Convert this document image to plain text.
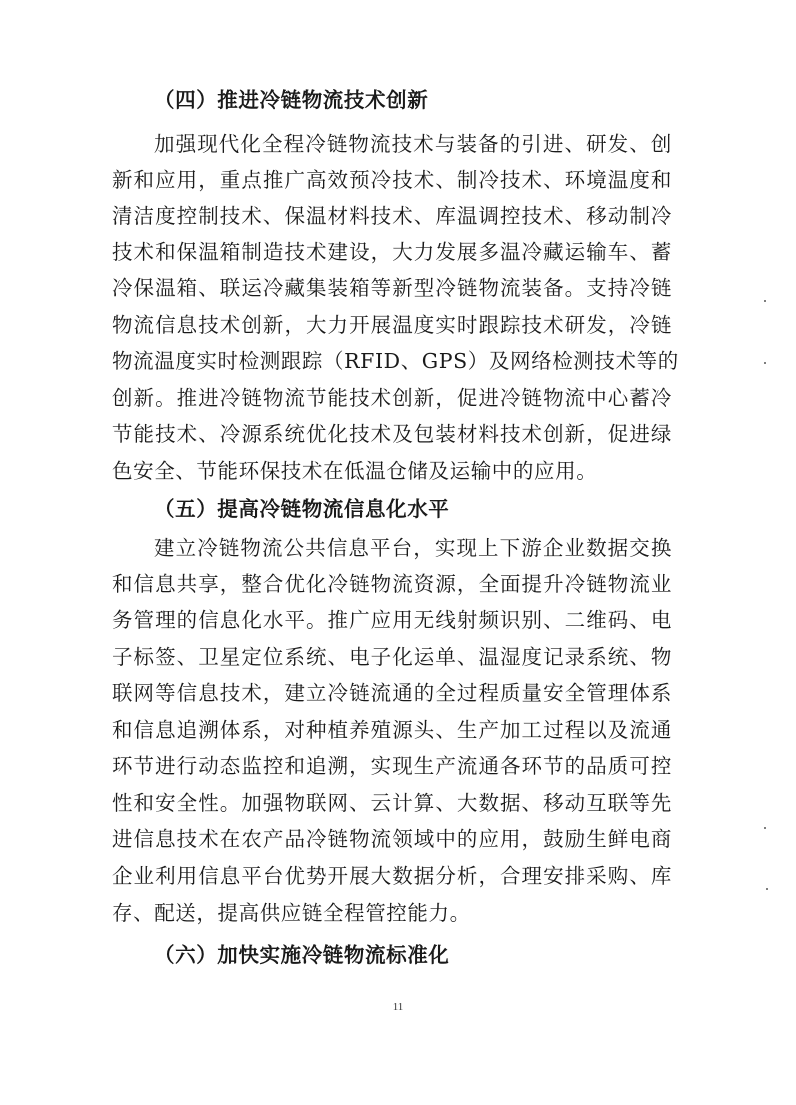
（四）推进冷链物流技术创新
加强现代化全程冷链物流技术与装备的引进、研发、创
新和应用，重点推广高效预冷技术、制冷技术、环境温度和
清洁度控制技术、保温材料技术、库温调控技术、移动制冷
技术和保温箱制造技术建设，大力发展多温冷藏运输车、蓄
冷保温箱、联运冷藏集装箱等新型冷链物流装备。支持冷链
物流信息技术创新，大力开展温度实时跟踪技术研发，冷链
物流温度实时检测跟踪（RFID、GPS）及网络检测技术等的
创新。推进冷链物流节能技术创新，促进冷链物流中心蓄冷
节能技术、冷源系统优化技术及包装材料技术创新，促进绿
色安全、节能环保技术在低温仓储及运输中的应用。
（五）提高冷链物流信息化水平
建立冷链物流公共信息平台，实现上下游企业数据交换
和信息共享，整合优化冷链物流资源，全面提升冷链物流业
务管理的信息化水平。推广应用无线射频识别、二维码、电
子标签、卫星定位系统、电子化运单、温湿度记录系统、物
联网等信息技术，建立冷链流通的全过程质量安全管理体系
和信息追溯体系，对种植养殖源头、生产加工过程以及流通
环节进行动态监控和追溯，实现生产流通各环节的品质可控
性和安全性。加强物联网、云计算、大数据、移动互联等先
进信息技术在农产品冷链物流领域中的应用，鼓励生鲜电商
企业利用信息平台优势开展大数据分析，合理安排采购、库
存、配送，提高供应链全程管控能力。
（六）加快实施冷链物流标准化
11
